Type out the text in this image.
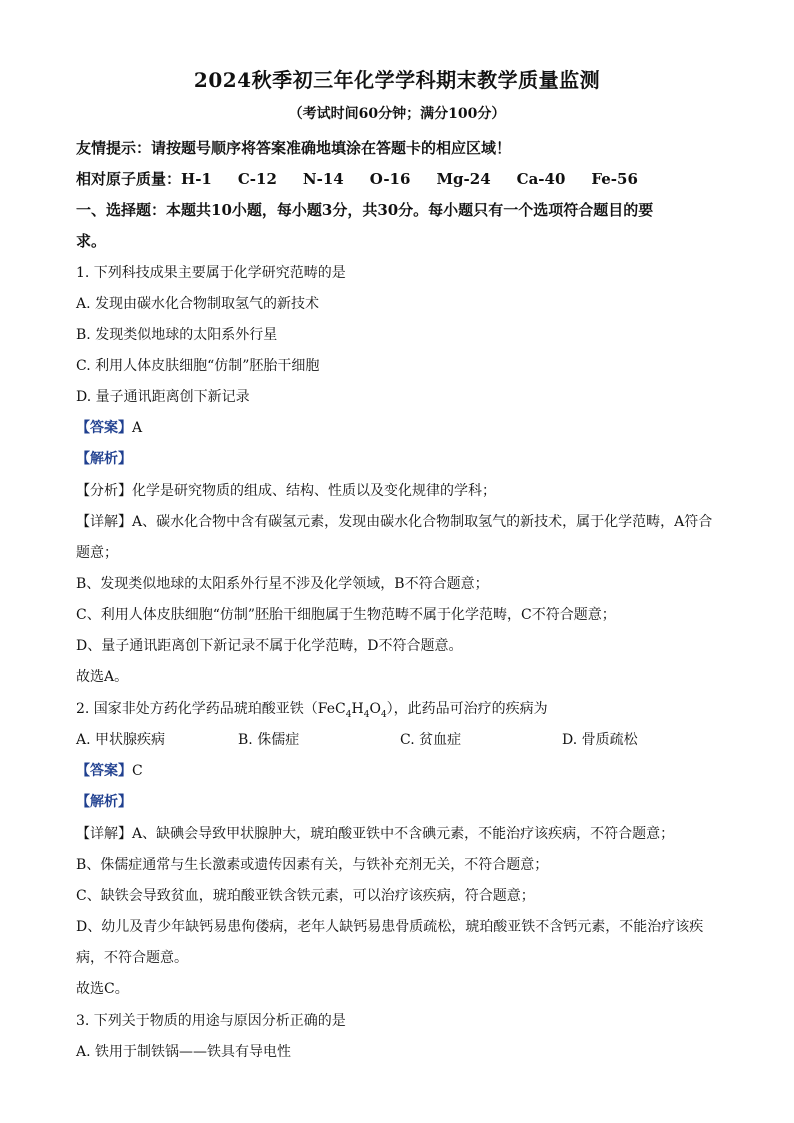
2024秋季初三年化学学科期末教学质量监测
（考试时间60分钟；满分100分）
友情提示：请按题号顺序将答案准确地填涂在答题卡的相应区域！
相对原子质量：H-1 C-12 N-14 O-16 Mg-24 Ca-40 Fe-56
一、选择题：本题共10小题，每小题3分，共30分。每小题只有一个选项符合题目的要
求。
1. 下列科技成果主要属于化学研究范畴的是
A. 发现由碳水化合物制取氢气的新技术
B. 发现类似地球的太阳系外行星
C. 利用人体皮肤细胞“仿制”胚胎干细胞
D. 量子通讯距离创下新记录
【答案】A
【解析】
【分析】化学是研究物质的组成、结构、性质以及变化规律的学科；
【详解】A、碳水化合物中含有碳氢元素，发现由碳水化合物制取氢气的新技术，属于化学范畴，A符合
题意；
B、发现类似地球的太阳系外行星不涉及化学领域，B不符合题意；
C、利用人体皮肤细胞“仿制”胚胎干细胞属于生物范畴不属于化学范畴，C不符合题意；
D、量子通讯距离创下新记录不属于化学范畴，D不符合题意。
故选A。
2. 国家非处方药化学药品琥珀酸亚铁$(FeC_4H_4O_4)$，此药品可治疗的疾病为
A. 甲状腺疾病	B. 侏儒症	C. 贫血症	D. 骨质疏松
【答案】C
【解析】
【详解】A、缺碘会导致甲状腺肿大，琥珀酸亚铁中不含碘元素，不能治疗该疾病，不符合题意；
B、侏儒症通常与生长激素或遗传因素有关，与铁补充剂无关，不符合题意；
C、缺铁会导致贫血，琥珀酸亚铁含铁元素，可以治疗该疾病，符合题意；
D、幼儿及青少年缺钙易患佝偻病，老年人缺钙易患骨质疏松，琥珀酸亚铁不含钙元素，不能治疗该疾
病，不符合题意。
故选C。
3. 下列关于物质的用途与原因分析正确的是
A. 铁用于制铁锅——铁具有导电性
